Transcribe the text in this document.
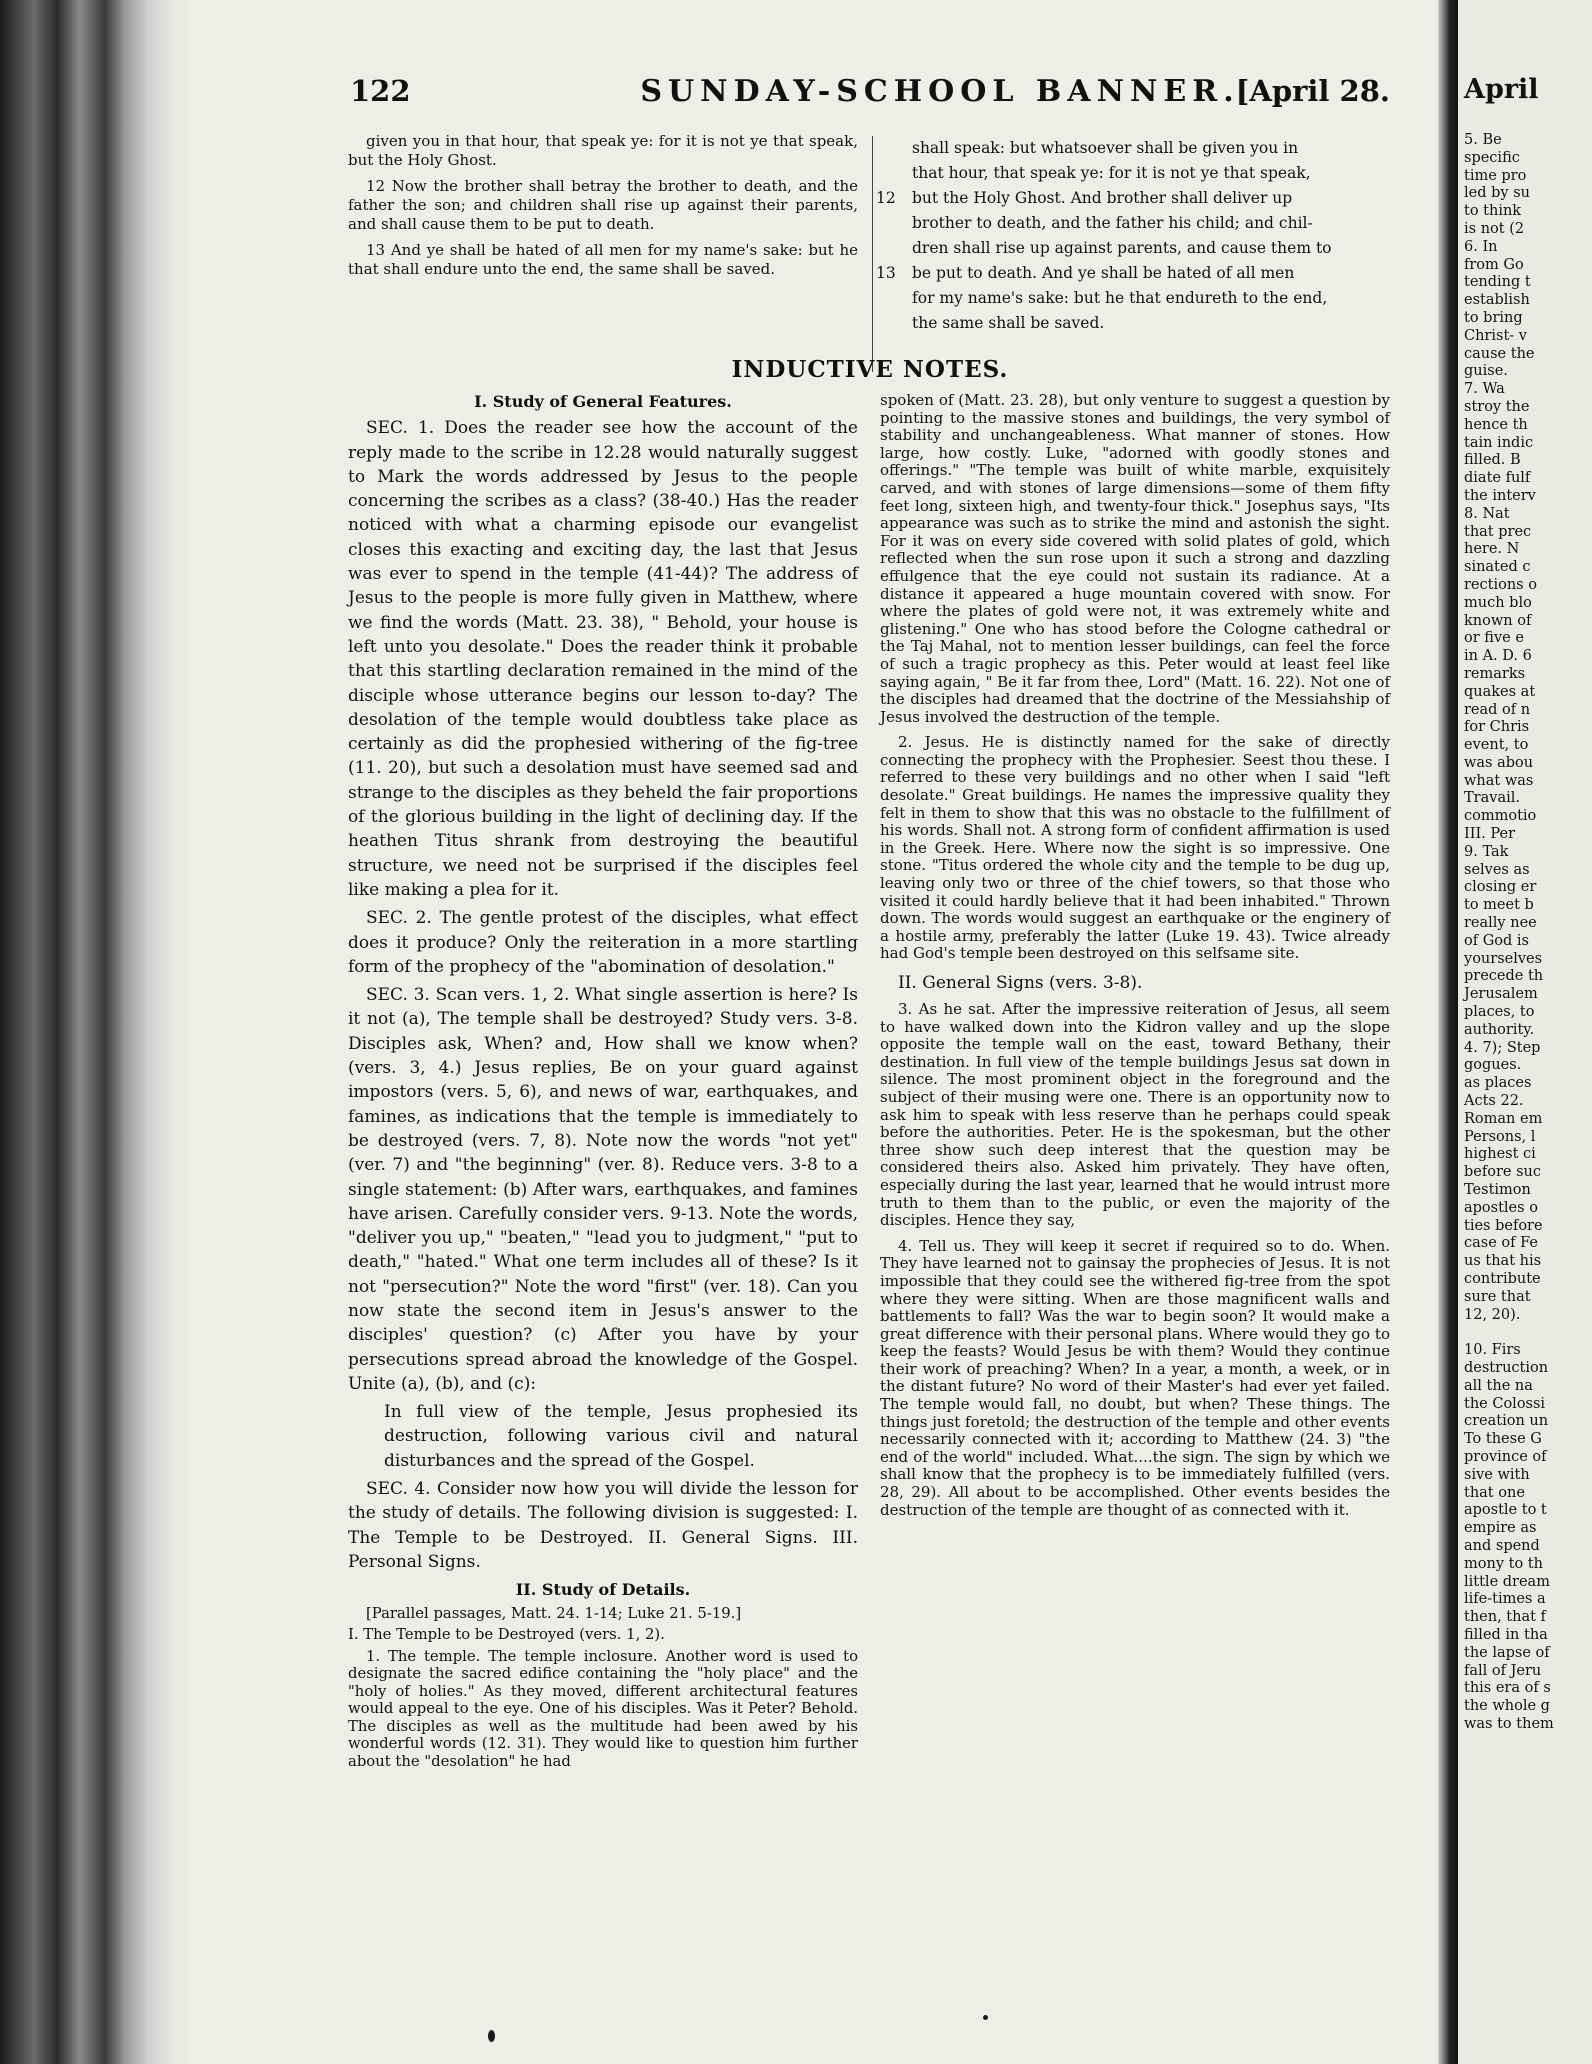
122	SUNDAY-SCHOOL BANNER.
[April 28.

given you in that hour, that speak ye: for it is not ye that speak, but the Holy Ghost.

12 Now the brother shall betray the brother to death, and the father the son; and children shall rise up against their parents, and shall cause them to be put to death.

13 And ye shall be hated of all men for my name's sake: but he that shall endure unto the end, the same shall be saved.

shall speak: but whatsoever shall be given you in
that hour, that speak ye: for it is not ye that speak,
12 but the Holy Ghost. And brother shall deliver up
brother to death, and the father his child; and chil-
dren shall rise up against parents, and cause them to
13 be put to death. And ye shall be hated of all men
for my name's sake: but he that endureth to the end,
the same shall be saved.
INDUCTIVE NOTES.
I. Study of General Features.

SEC. 1. Does the reader see how the account of the reply made to the scribe in 12.28 would naturally suggest to Mark the words addressed by Jesus to the people concerning the scribes as a class? (38-40.) Has the reader noticed with what a charming episode our evangelist closes this exacting and exciting day, the last that Jesus was ever to spend in the temple (41-44)? The address of Jesus to the people is more fully given in Matthew, where we find the words (Matt. 23. 38), " Behold, your house is left unto you desolate." Does the reader think it probable that this startling declaration remained in the mind of the disciple whose utterance begins our lesson to-day? The desolation of the temple would doubtless take place as certainly as did the prophesied withering of the fig-tree (11. 20), but such a desolation must have seemed sad and strange to the disciples as they beheld the fair proportions of the glorious building in the light of declining day. If the heathen Titus shrank from destroying the beautiful structure, we need not be surprised if the disciples feel like making a plea for it.

SEC. 2. The gentle protest of the disciples, what effect does it produce? Only the reiteration in a more startling form of the prophecy of the "abomination of desolation."

SEC. 3. Scan vers. 1, 2. What single assertion is here? Is it not (a), The temple shall be destroyed? Study vers. 3-8. Disciples ask, When? and, How shall we know when? (vers. 3, 4.) Jesus replies, Be on your guard against impostors (vers. 5, 6), and news of war, earthquakes, and famines, as indications that the temple is immediately to be destroyed (vers. 7, 8). Note now the words "not yet" (ver. 7) and "the beginning" (ver. 8). Reduce vers. 3-8 to a single statement: (b) After wars, earthquakes, and famines have arisen. Carefully consider vers. 9-13. Note the words, "deliver you up," "beaten," "lead you to judgment," "put to death," "hated." What one term includes all of these? Is it not "persecution?" Note the word "first" (ver. 18). Can you now state the second item in Jesus's answer to the disciples' question? (c) After you have by your persecutions spread abroad the knowledge of the Gospel. Unite (a), (b), and (c):

In full view of the temple, Jesus prophesied its destruction, following various civil and natural disturbances and the spread of the Gospel.

SEC. 4. Consider now how you will divide the lesson for the study of details. The following division is suggested: I. The Temple to be Destroyed. II. General Signs. III. Personal Signs.

II. Study of Details.

[Parallel passages, Matt. 24. 1-14; Luke 21. 5-19.]

I. The Temple to be Destroyed (vers. 1, 2).

1. The temple. The temple inclosure. Another word is used to designate the sacred edifice containing the "holy place" and the "holy of holies." As they moved, different architectural features would appeal to the eye. One of his disciples. Was it Peter? Behold. The disciples as well as the multitude had been awed by his wonderful words (12. 31). They would like to question him further about the "desolation" he had

spoken of (Matt. 23. 28), but only venture to suggest a question by pointing to the massive stones and buildings, the very symbol of stability and unchangeableness. What manner of stones. How large, how costly. Luke, "adorned with goodly stones and offerings." "The temple was built of white marble, exquisitely carved, and with stones of large dimensions—some of them fifty feet long, sixteen high, and twenty-four thick." Josephus says, "Its appearance was such as to strike the mind and astonish the sight. For it was on every side covered with solid plates of gold, which reflected when the sun rose upon it such a strong and dazzling effulgence that the eye could not sustain its radiance. At a distance it appeared a huge mountain covered with snow. For where the plates of gold were not, it was extremely white and glistening." One who has stood before the Cologne cathedral or the Taj Mahal, not to mention lesser buildings, can feel the force of such a tragic prophecy as this. Peter would at least feel like saying again, " Be it far from thee, Lord" (Matt. 16. 22). Not one of the disciples had dreamed that the doctrine of the Messiahship of Jesus involved the destruction of the temple.

2. Jesus. He is distinctly named for the sake of directly connecting the prophecy with the Prophesier. Seest thou these. I referred to these very buildings and no other when I said "left desolate." Great buildings. He names the impressive quality they felt in them to show that this was no obstacle to the fulfillment of his words. Shall not. A strong form of confident affirmation is used in the Greek. Here. Where now the sight is so impressive. One stone. "Titus ordered the whole city and the temple to be dug up, leaving only two or three of the chief towers, so that those who visited it could hardly believe that it had been inhabited." Thrown down. The words would suggest an earthquake or the enginery of a hostile army, preferably the latter (Luke 19. 43). Twice already had God's temple been destroyed on this selfsame site.

II. General Signs (vers. 3-8).

3. As he sat. After the impressive reiteration of Jesus, all seem to have walked down into the Kidron valley and up the slope opposite the temple wall on the east, toward Bethany, their destination. In full view of the temple buildings Jesus sat down in silence. The most prominent object in the foreground and the subject of their musing were one. There is an opportunity now to ask him to speak with less reserve than he perhaps could speak before the authorities. Peter. He is the spokesman, but the other three show such deep interest that the question may be considered theirs also. Asked him privately. They have often, especially during the last year, learned that he would intrust more truth to them than to the public, or even the majority of the disciples. Hence they say,

4. Tell us. They will keep it secret if required so to do. When. They have learned not to gainsay the prophecies of Jesus. It is not impossible that they could see the withered fig-tree from the spot where they were sitting. When are those magnificent walls and battlements to fall? Was the war to begin soon? It would make a great difference with their personal plans. Where would they go to keep the feasts? Would Jesus be with them? Would they continue their work of preaching? When? In a year, a month, a week, or in the distant future? No word of their Master's had ever yet failed. The temple would fall, no doubt, but when? These things. The things just foretold; the destruction of the temple and other events necessarily connected with it; according to Matthew (24. 3) "the end of the world" included. What....the sign. The sign by which we shall know that the prophecy is to be immediately fulfilled (vers. 28, 29). All about to be accomplished. Other events besides the destruction of the temple are thought of as connected with it.

April
5. Be
specific
time pro
led by su
to think
is not (2
6. In
from Go
tending t
establish
to bring
Christ- v
cause the
guise.
7. Wa
stroy the
hence th
tain indic
filled. B
diate fulf
the interv
8. Nat
that prec
here. N
sinated c
rections o
much blo
known of
or five e
in A. D. 6
remarks
quakes at
read of n
for Chris
event, to
was abou
what was
Travail.
commotio
III. Per
9. Tak
selves as
closing er
to meet b
really nee
of God is
yourselves
precede th
Jerusalem
places, to
authority.
4. 7); Step
gogues.
as places
Acts 22.
Roman em
Persons, l
highest ci
before suc
Testimon
apostles o
ties before
case of Fe
us that his
contribute
sure that
12, 20).
10. Firs
destruction
all the na
the Colossi
creation un
To these G
province of
sive with
that one
apostle to t
empire as
and spend
mony to th
little dream
life-times a
then, that f
filled in tha
the lapse of
fall of Jeru
this era of s
the whole g
was to them
